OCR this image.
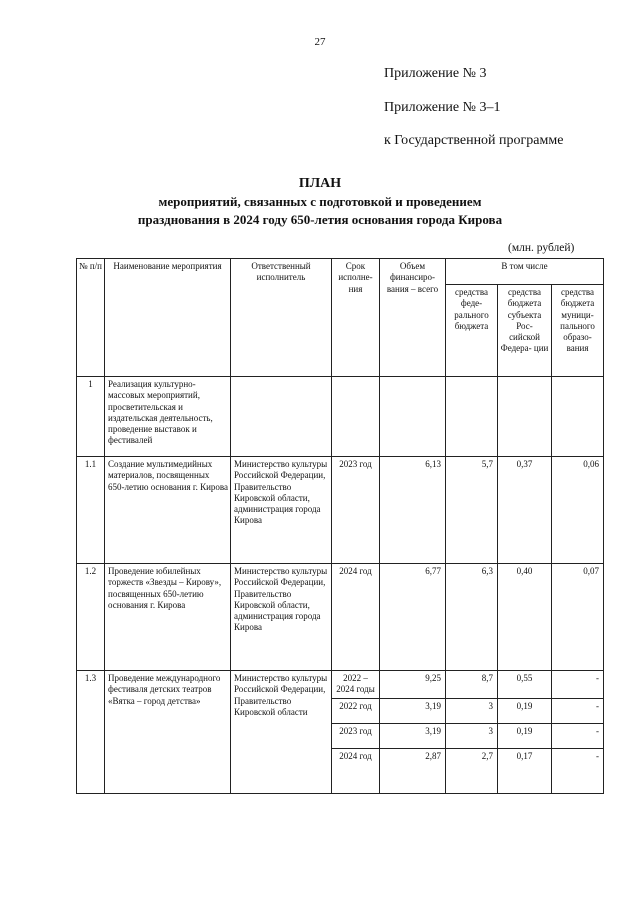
27
Приложение № 3
Приложение № 3–1
к Государственной программе
ПЛАН
мероприятий, связанных с подготовкой и проведением
празднования в 2024 году 650-летия основания города Кирова
(млн. рублей)
№ п/п	Наименование мероприятия	Ответственный исполнитель	Срок исполне- ния	Объем финансиро- вания – всего	В том числе		
					средства феде- рального бюджета	средства бюджета субъекта Рос- сийской Федера- ции	средства бюджета муници- пального образо- вания
1	Реализация культурно-массовых мероприятий, просветительская и издательская деятельность, проведение выставок и фестивалей						
1.1	Создание мультимедийных материалов, посвященных 650-летию основания г. Кирова	Министерство культуры Российской Федерации, Правительство Кировской области, администрация города Кирова	2023 год	6,13	5,7	0,37	0,06
1.2	Проведение юбилейных торжеств «Звезды – Кирову», посвященных 650-летию основания г. Кирова	Министерство культуры Российской Федерации, Правительство Кировской области, администрация города Кирова	2024 год	6,77	6,3	0,40	0,07
1.3	Проведение международного фестиваля детских театров «Вятка – город детства»	Министерство культуры Российской Федерации, Правительство Кировской области	2022 – 2024 годы	9,25	8,7	0,55	-
			2022 год	3,19	3	0,19	-
			2023 год	3,19	3	0,19	-
			2024 год	2,87	2,7	0,17	-
